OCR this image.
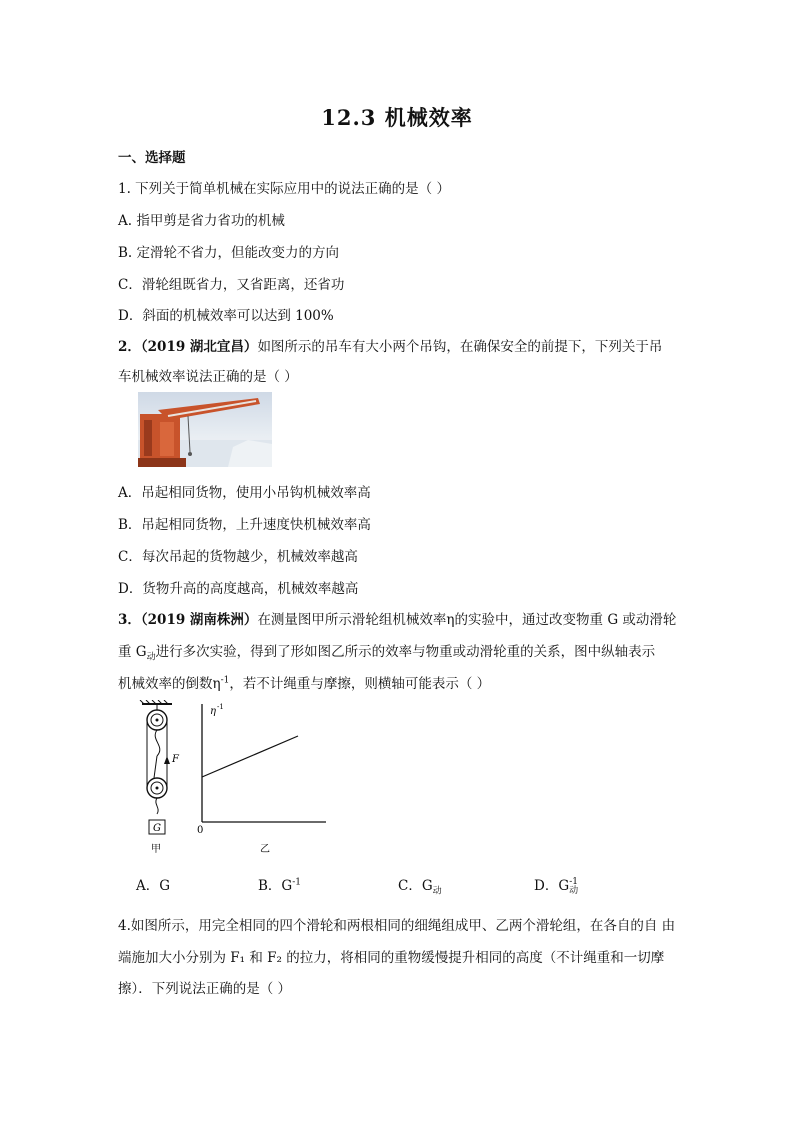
12.3 机械效率
一、选择题
1. 下列关于简单机械在实际应用中的说法正确的是（ ）
A. 指甲剪是省力省功的机械
B. 定滑轮不省力，但能改变力的方向
C．滑轮组既省力，又省距离，还省功
D．斜面的机械效率可以达到 100%
2．（2019 湖北宜昌）如图所示的吊车有大小两个吊钩，在确保安全的前提下，下列关于吊
车机械效率说法正确的是（ ）
A．吊起相同货物，使用小吊钩机械效率高
B．吊起相同货物，上升速度快机械效率高
C．每次吊起的货物越少，机械效率越高
D．货物升高的高度越高，机械效率越高
3．（2019 湖南株洲）在测量图甲所示滑轮组机械效率η的实验中，通过改变物重 G 或动滑轮
重 $G_动$进行多次实验，得到了形如图乙所示的效率与物重或动滑轮重的关系，图中纵轴表示
机械效率的倒数$\eta^{-1}$，若不计绳重与摩擦，则横轴可能表示（ ）
F
G
甲
η -1
0
乙
A．G	B．$G^{-1}$	C．$G_动$	D．G-1
动
4.如图所示，用完全相同的四个滑轮和两根相同的细绳组成甲、乙两个滑轮组，在各自的自 由
端施加大小分别为 F₁ 和 F₂ 的拉力，将相同的重物缓慢提升相同的高度（不计绳重和一切摩
擦）．下列说法正确的是（ ）
